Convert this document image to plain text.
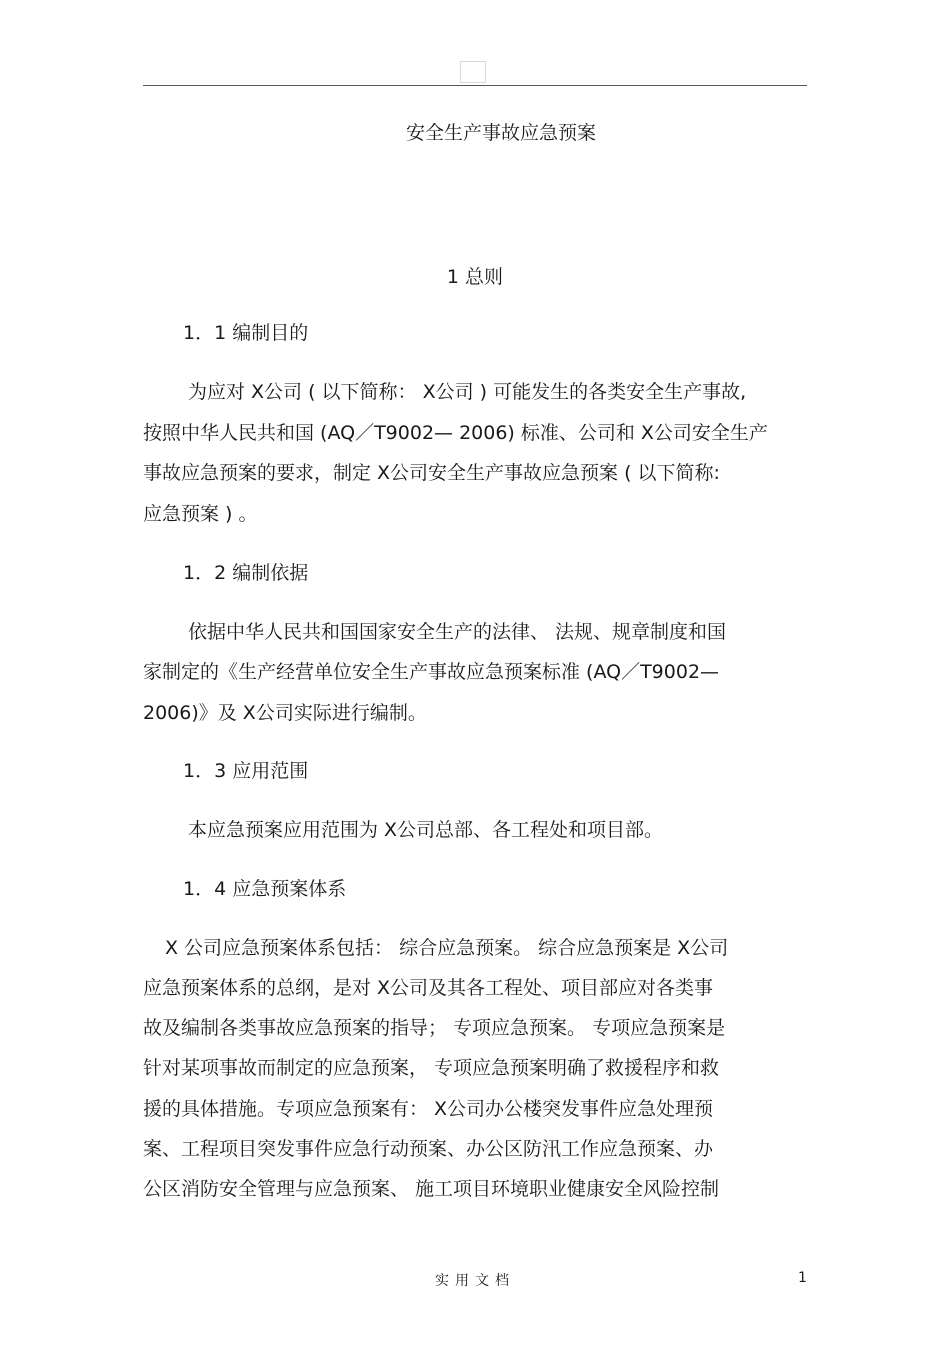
安全生产事故应急预案
1 总则
1．1 编制目的
为应对 X公司 ( 以下简称： X公司 ) 可能发生的各类安全生产事故,
按照中华人民共和国 (AQ／T9002— 2006) 标准、公司和 X公司安全生产
事故应急预案的要求，制定 X公司安全生产事故应急预案 ( 以下简称:
应急预案 ) 。
1．2 编制依据
依据中华人民共和国国家安全生产的法律、 法规、规章制度和国
家制定的《生产经营单位安全生产事故应急预案标准 (AQ／T9002—
2006)》及 X公司实际进行编制。
1．3 应用范围
本应急预案应用范围为 X公司总部、各工程处和项目部。
1．4 应急预案体系
X 公司应急预案体系包括： 综合应急预案。 综合应急预案是 X公司
应急预案体系的总纲，是对 X公司及其各工程处、项目部应对各类事
故及编制各类事故应急预案的指导； 专项应急预案。 专项应急预案是
针对某项事故而制定的应急预案， 专项应急预案明确了救援程序和救
援的具体措施。专项应急预案有： X公司办公楼突发事件应急处理预
案、工程项目突发事件应急行动预案、办公区防汛工作应急预案、办
公区消防安全管理与应急预案、 施工项目环境职业健康安全风险控制
实用文档	1
